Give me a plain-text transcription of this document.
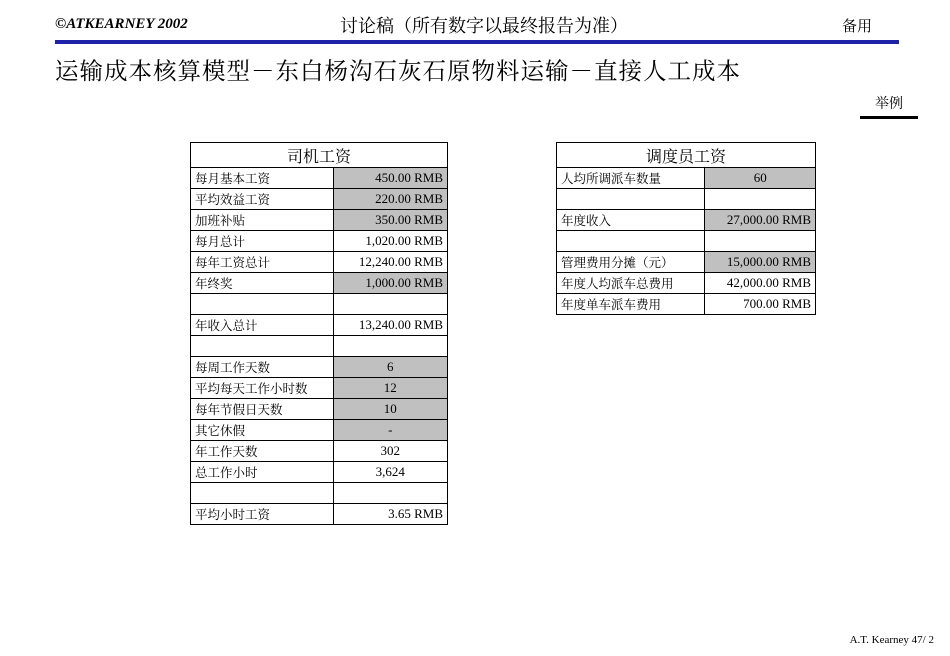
©ATKEARNEY 2002	讨论稿（所有数字以最终报告为准）	备用
运输成本核算模型－东白杨沟石灰石原物料运输－直接人工成本
举例
司机工资	
每月基本工资	450.00 RMB
平均效益工资	220.00 RMB
加班补贴	350.00 RMB
每月总计	1,020.00 RMB
每年工资总计	12,240.00 RMB
年终奖	1,000.00 RMB

年收入总计	13,240.00 RMB

每周工作天数	6
平均每天工作小时数	12
每年节假日天数	10
其它休假	-
年工作天数	302
总工作小时	3,624

平均小时工资	3.65 RMB
调度员工资	
人均所调派车数量	60

年度收入	27,000.00 RMB

管理费用分摊（元）	15,000.00 RMB
年度人均派车总费用	42,000.00 RMB
年度单车派车费用	700.00 RMB
A.T. Kearney 47/ 2
